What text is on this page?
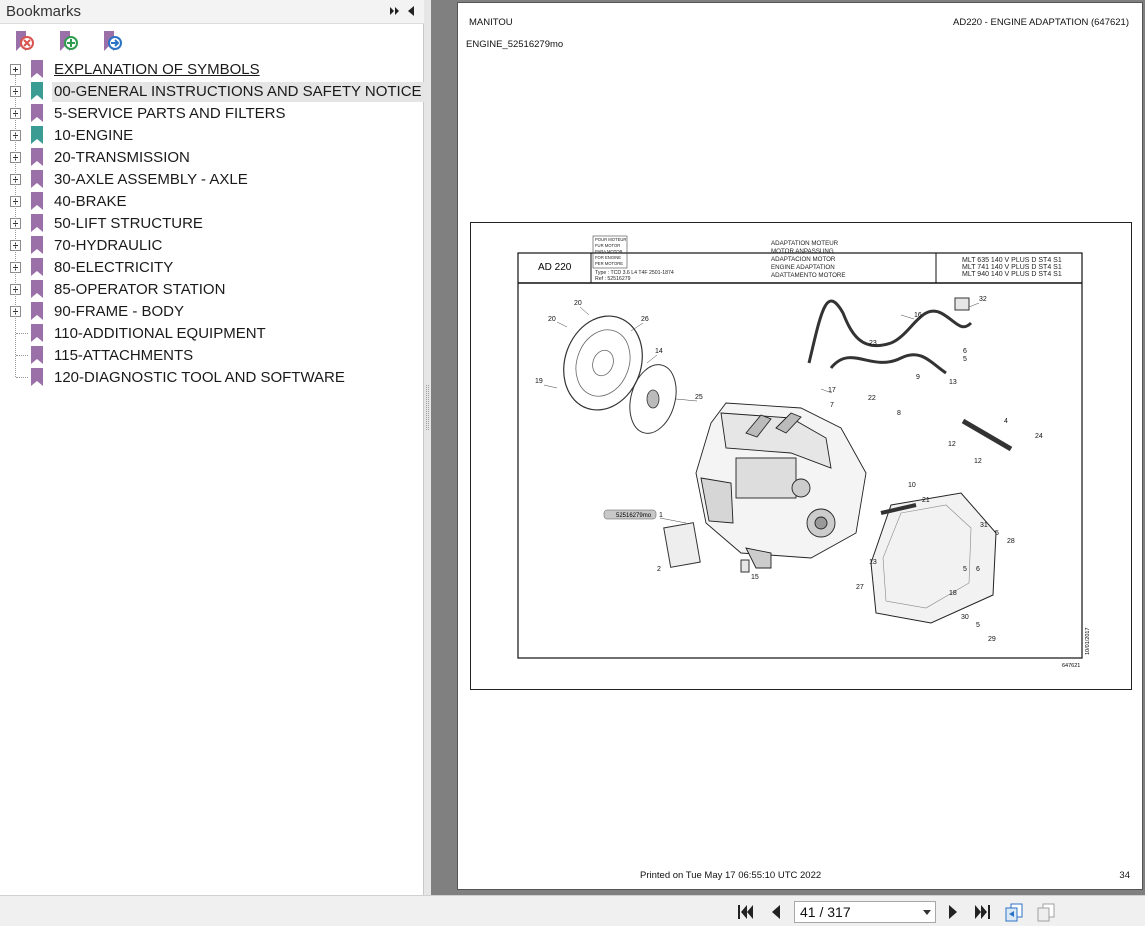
Bookmarks
EXPLANATION OF SYMBOLS
00-GENERAL INSTRUCTIONS AND SAFETY NOTICE
5-SERVICE PARTS AND FILTERS
10-ENGINE
20-TRANSMISSION
30-AXLE ASSEMBLY - AXLE
40-BRAKE
50-LIFT STRUCTURE
70-HYDRAULIC
80-ELECTRICITY
85-OPERATOR STATION
90-FRAME - BODY
110-ADDITIONAL EQUIPMENT
115-ATTACHMENTS
120-DIAGNOSTIC TOOL AND SOFTWARE
MANITOU	AD220 - ENGINE ADAPTATION (647621)
ENGINE_52516279mo
AD 220
POUR MOTEUR
FUR MOTOR
PARA MOTOR
FOR ENGINE
PER MOTORE
Type : TCD 3.6 L4 T4F 2501-1874
Ref : 52516279
ADAPTATION MOTEUR
MOTOR ANPASSUNG
ADAPTACION MOTOR
ENGINE ADAPTATION
ADATTAMENTO MOTORE
MLT 635 140 V PLUS D ST4 S1
MLT 741 140 V PLUS D ST4 S1
MLT 940 140 V PLUS D ST4 S1
52516279mo
20
20	26
14
19
25
16
32
23
6
5
9
13
17
7
22
8
4
24
12
12
10
21
1
31
5
28
2
15
13
5 6
27
18
30
5
29	10/01/2017
647621
Printed on Tue May 17 06:55:10 UTC 2022	34
41 / 317
